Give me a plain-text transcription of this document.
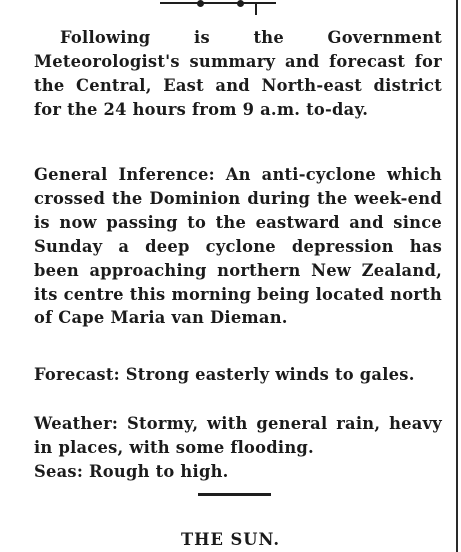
Following is the Government Meteorologist's summary and forecast for the Central, East and North-east district for the 24 hours from 9 a.m. to-day.

General Inference: An anti-cyclone which crossed the Dominion during the week-end is now passing to the eastward and since Sunday a deep cyclone depression has been approaching northern New Zealand, its centre this morning being located north of Cape Maria van Dieman.

Forecast: Strong easterly winds to gales.

Weather: Stormy, with general rain, heavy in places, with some flooding.

Seas: Rough to high.

THE SUN.
